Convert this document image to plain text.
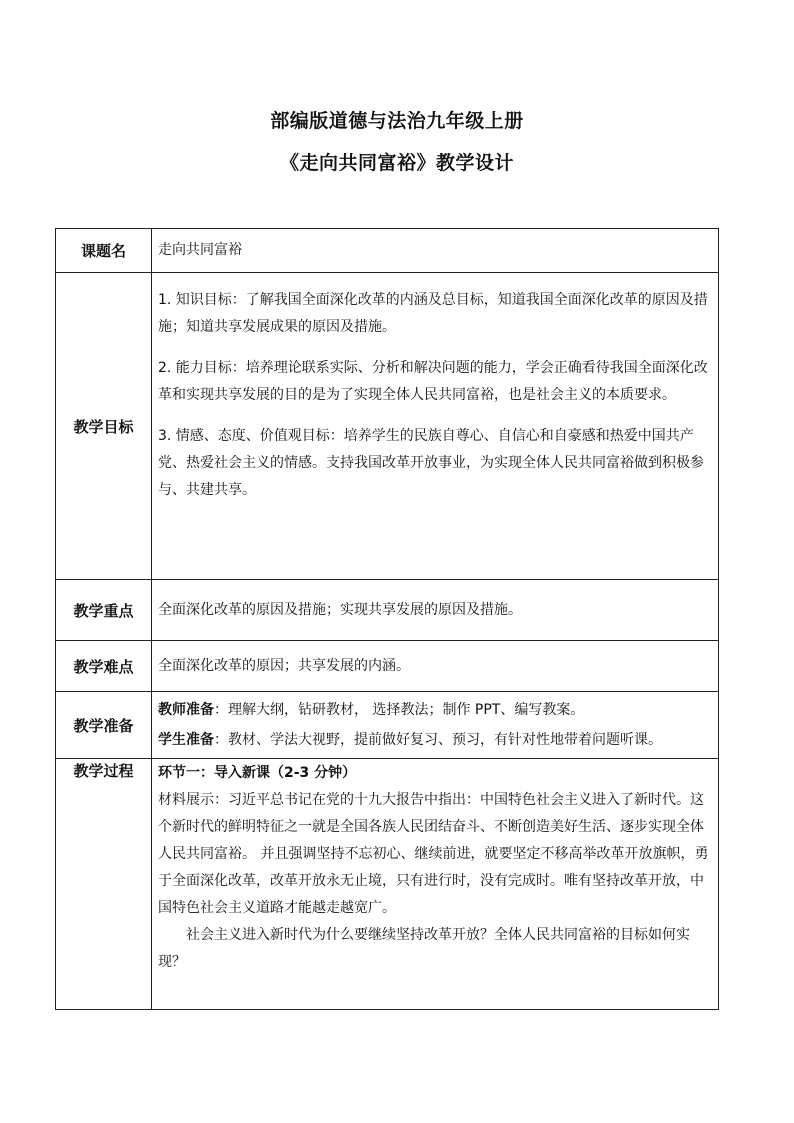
部编版道德与法治九年级上册
《走向共同富裕》教学设计
课题名	走向共同富裕

教学目标	1. 知识目标：了解我国全面深化改革的内涵及总目标，知道我国全面深化改革的原因及措施；知道共享发展成果的原因及措施。

2. 能力目标：培养理论联系实际、分析和解决问题的能力，学会正确看待我国全面深化改革和实现共享发展的目的是为了实现全体人民共同富裕，也是社会主义的本质要求。

3. 情感、态度、价值观目标：培养学生的民族自尊心、自信心和自豪感和热爱中国共产党、热爱社会主义的情感。支持我国改革开放事业，为实现全体人民共同富裕做到积极参与、共建共享。

教学重点	全面深化改革的原因及措施；实现共享发展的原因及措施。

教学难点	全面深化改革的原因；共享发展的内涵。

教学准备	教师准备：理解大纲，钻研教材， 选择教法；制作 PPT、编写教案。

学生准备：教材、学法大视野，提前做好复习、预习，有针对性地带着问题听课。

教学过程	环节一：导入新课（2-3 分钟）

材料展示：习近平总书记在党的十九大报告中指出：中国特色社会主义进入了新时代。这个新时代的鲜明特征之一就是全国各族人民团结奋斗、不断创造美好生活、逐步实现全体人民共同富裕。 并且强调坚持不忘初心、继续前进，就要坚定不移高举改革开放旗帜，勇于全面深化改革，改革开放永无止境，只有进行时，没有完成时。唯有坚持改革开放，中国特色社会主义道路才能越走越宽广。

社会主义进入新时代为什么要继续坚持改革开放？全体人民共同富裕的目标如何实现？
